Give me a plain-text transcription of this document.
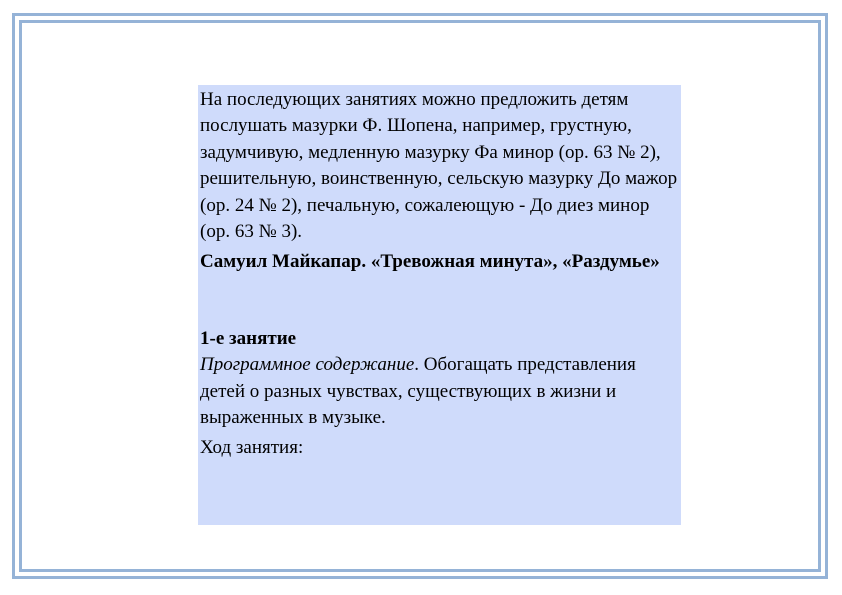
На последующих занятиях можно предложить детям послушать мазурки Ф. Шопена, например, грустную, задумчивую, медленную мазурку Фа минор (ор. 63 № 2), решительную, воинственную, сельскую мазурку До мажор (ор. 24 № 2), печальную, сожалеющую - До диез минор (ор. 63 № 3).

Самуил Майкапар. «Тревожная минута», «Раздумье»

1-е занятие

Программное содержание. Обогащать представления детей о разных чувствах, существующих в жизни и выраженных в музыке.

Ход занятия:
